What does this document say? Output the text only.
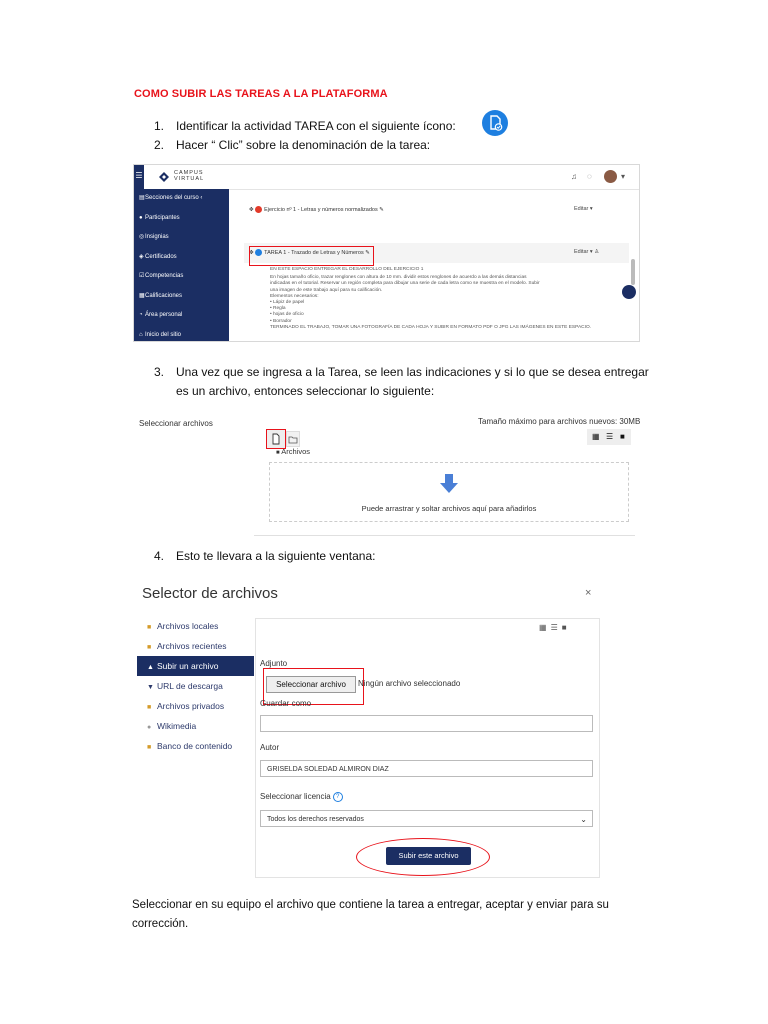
COMO SUBIR LAS TAREAS A LA PLATAFORMA
1. Identificar la actividad TAREA con el siguiente ícono:
2. Hacer “ Clic” sobre la denominación de la tarea:
☰	CAMPUS
VIRTUAL	♫ ◌	▾
▤Secciones del curso ‹
● Participantes
◎Insignias
◈Certificados
☑Competencias
▦Calificaciones
◔ Área personal
⌂ Inicio del sitio
▣Calendario
✥ Ejercicio nº 1 - Letras y números normalizados ✎	Editar ▾
✥ TAREA 1 - Trazado de Letras y Números ✎	Editar ▾ ♙
EN ESTE ESPACIO ENTREGAR EL DESARROLLO DEL EJERCICIO 1
En hojas tamaño oficio, trazar renglones con altura de 10 mm. dividir estos renglones de acuerdo a las demás distancias
indicadas en el tutorial. Reservar un región completa para dibujar una serie de cada letra como se muestra en el modelo. Subir
una imagen de este trabajo aquí para su calificación.
Elementos necesarios:
• Lápiz de papel
• Regla
• hojas de oficio
• Borrador
TERMINADO EL TRABAJO, TOMAR UNA FOTOGRAFÍA DE CADA HOJA Y SUBIR EN FORMATO PDF O JPG LAS IMÁGENES EN ESTE ESPACIO.
3. Una vez que se ingresa a la Tarea, se leen las indicaciones y si lo que se desea entregar
es un archivo, entonces seleccionar lo siguiente:
Seleccionar archivos	Tamaño máximo para archivos nuevos: 30MB
▦ ☰ ■
■ Archivos
Puede arrastrar y soltar archivos aquí para añadirlos
4. Esto te llevara a la siguiente ventana:
Selector de archivos	×
■ Archivos locales
■ Archivos recientes
▲ Subir un archivo
▼ URL de descarga
■ Archivos privados
● Wikimedia
■ Banco de contenido
▦☰■
Adjunto
Seleccionar archivo	Ningún archivo seleccionado
Guardar como
Autor
GRISELDA SOLEDAD ALMIRON DIAZ
Seleccionar licencia ?
Todos los derechos reservados	⌄
Subir este archivo
Seleccionar en su equipo el archivo que contiene la tarea a entregar, aceptar y enviar para su corrección.
